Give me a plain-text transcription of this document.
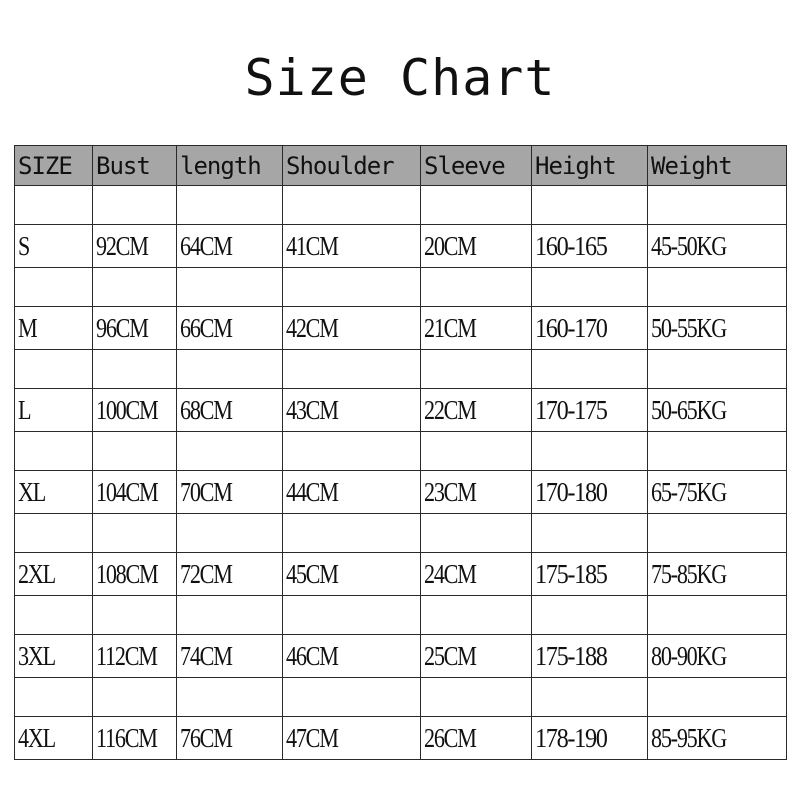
Size Chart
SIZE	Bust	length	Shoulder	Sleeve	Height	Weight

S	92CM	64CM	41CM	20CM	160-165	45-50KG

M	96CM	66CM	42CM	21CM	160-170	50-55KG

L	100CM	68CM	43CM	22CM	170-175	50-65KG

XL	104CM	70CM	44CM	23CM	170-180	65-75KG

2XL	108CM	72CM	45CM	24CM	175-185	75-85KG

3XL	112CM	74CM	46CM	25CM	175-188	80-90KG

4XL	116CM	76CM	47CM	26CM	178-190	85-95KG
